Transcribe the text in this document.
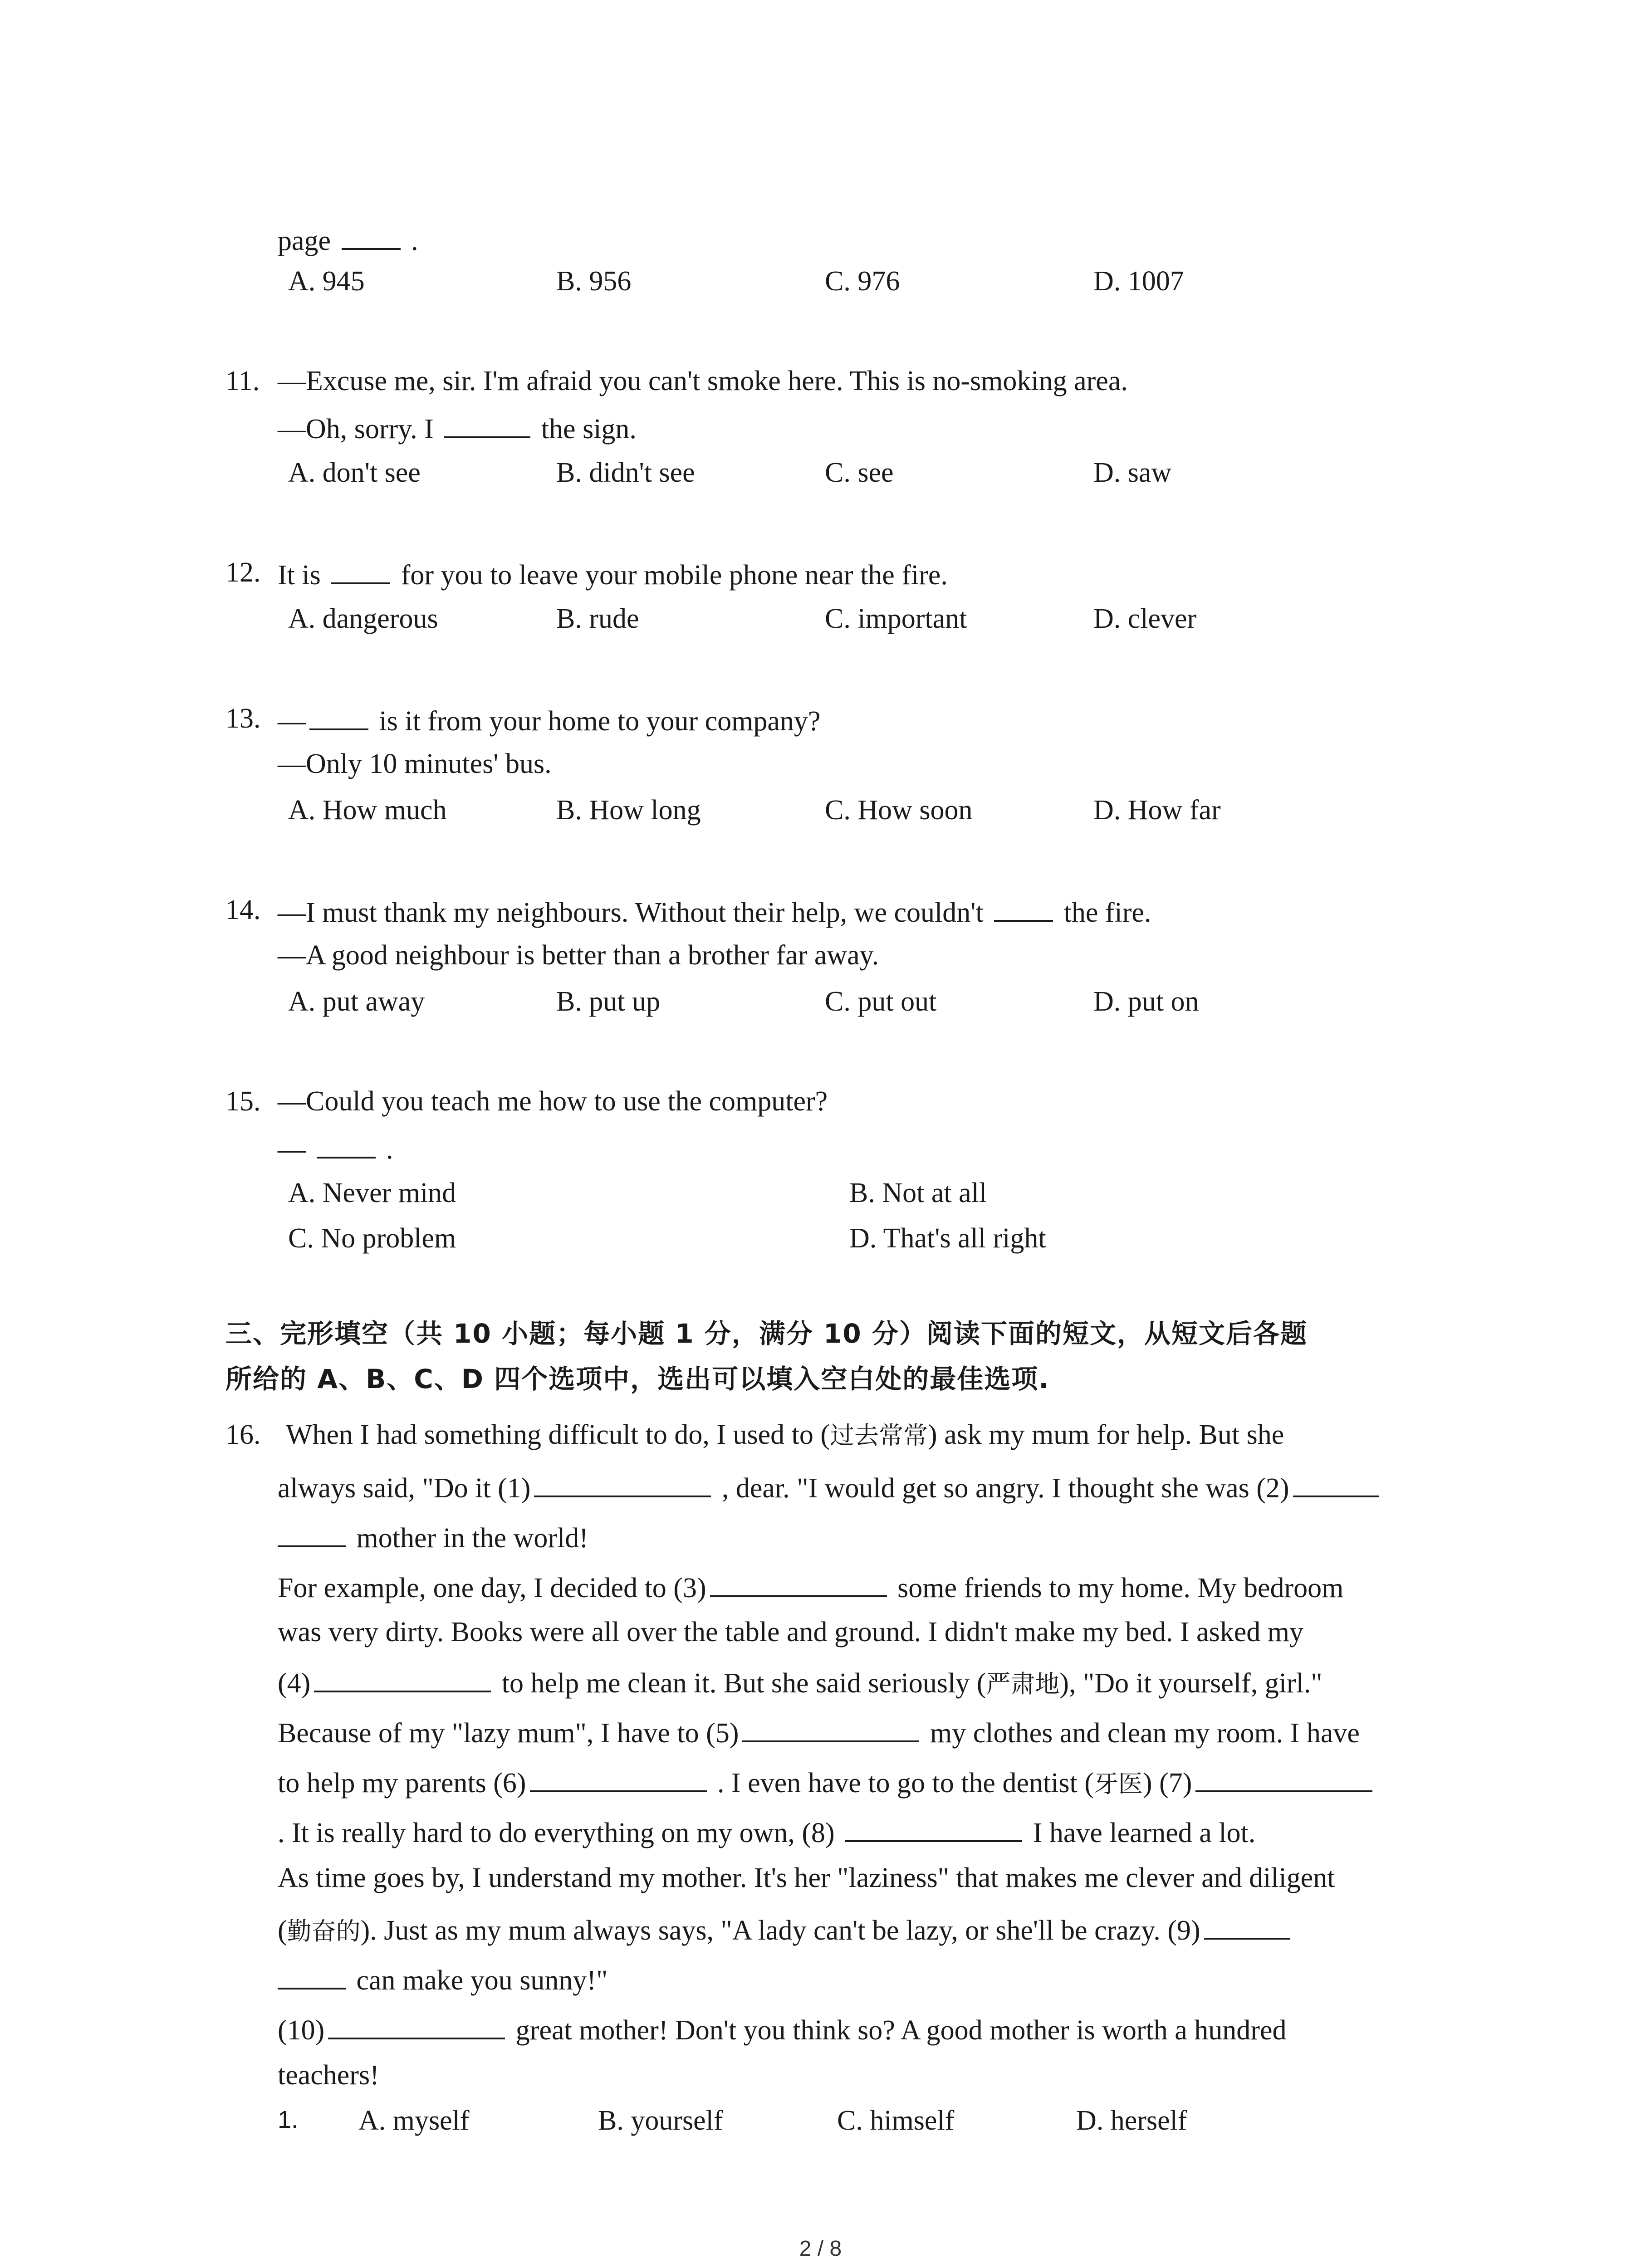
page	.
A. 945	B. 956	C. 976	D. 1007
11. —Excuse me, sir. I'm afraid you can't smoke here. This is no-smoking area.
—Oh, sorry. I	the sign.
A. don't see	B. didn't see	C. see	D. saw
12. It is	for you to leave your mobile phone near the fire.
A. dangerous	B. rude	C. important	D. clever
13. —	is it from your home to your company?
—Only 10 minutes' bus.
A. How much	B. How long	C. How soon	D. How far
14. —I must thank my neighbours. Without their help, we couldn't	the fire.
—A good neighbour is better than a brother far away.
A. put away	B. put up	C. put out	D. put on
15. —Could you teach me how to use the computer?
—	.
A. Never mind	B. Not at all
C. No problem	D. That's all right
三、完形填空（共 10 小题；每小题 1 分，满分 10 分）阅读下面的短文，从短文后各题
所给的 A、B、C、D 四个选项中，选出可以填入空白处的最佳选项.
16. When I had something difficult to do, I used to (过去常常) ask my mum for help. But she
always said, "Do it (1)	, dear. "I would get so angry. I thought she was (2)
mother in the world!
For example, one day, I decided to (3)	some friends to my home. My bedroom
was very dirty. Books were all over the table and ground. I didn't make my bed. I asked my
(4)	to help me clean it. But she said seriously (严肃地), "Do it yourself, girl."
Because of my "lazy mum", I have to (5)	my clothes and clean my room. I have
to help my parents (6)	. I even have to go to the dentist (牙医) (7)
. It is really hard to do everything on my own, (8)	I have learned a lot.
As time goes by, I understand my mother. It's her "laziness" that makes me clever and diligent
(勤奋的). Just as my mum always says, "A lady can't be lazy, or she'll be crazy. (9)
can make you sunny!"
(10)	great mother! Don't you think so? A good mother is worth a hundred
teachers!
1. A. myself	B. yourself	C. himself	D. herself
2 / 8
